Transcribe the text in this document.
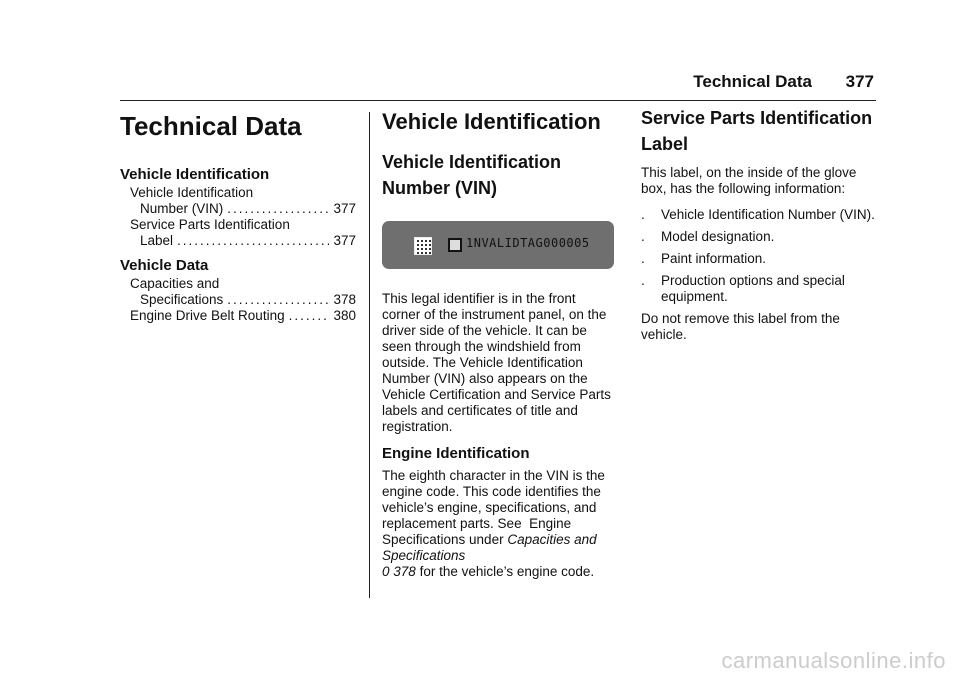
Technical Data 377
Technical Data
Vehicle Identification
Vehicle Identification
Number (VIN) .....	377
Service Parts Identification
Label .....	377
Vehicle Data
Capacities and
Specifications .....	378
Engine Drive Belt Routing .....	380
Vehicle Identification
Vehicle Identification Number (VIN)
1NVALIDTAG000005

This legal identifier is in the front corner of the instrument panel, on the driver side of the vehicle. It can be seen through the windshield from outside. The Vehicle Identification Number (VIN) also appears on the Vehicle Certification and Service Parts labels and certificates of title and registration.

Engine Identification

The eighth character in the VIN is the engine code. This code identifies the vehicle’s engine, specifications, and replacement parts. See  Engine Specifications under Capacities and Specifications
0 378 for the vehicle’s engine code.

Service Parts Identification Label

This label, on the inside of the glove box, has the following information:

.	Vehicle Identification Number (VIN).
.	Model designation.
.	Paint information.
.	Production options and special equipment.

Do not remove this label from the vehicle.

carmanualsonline.info
